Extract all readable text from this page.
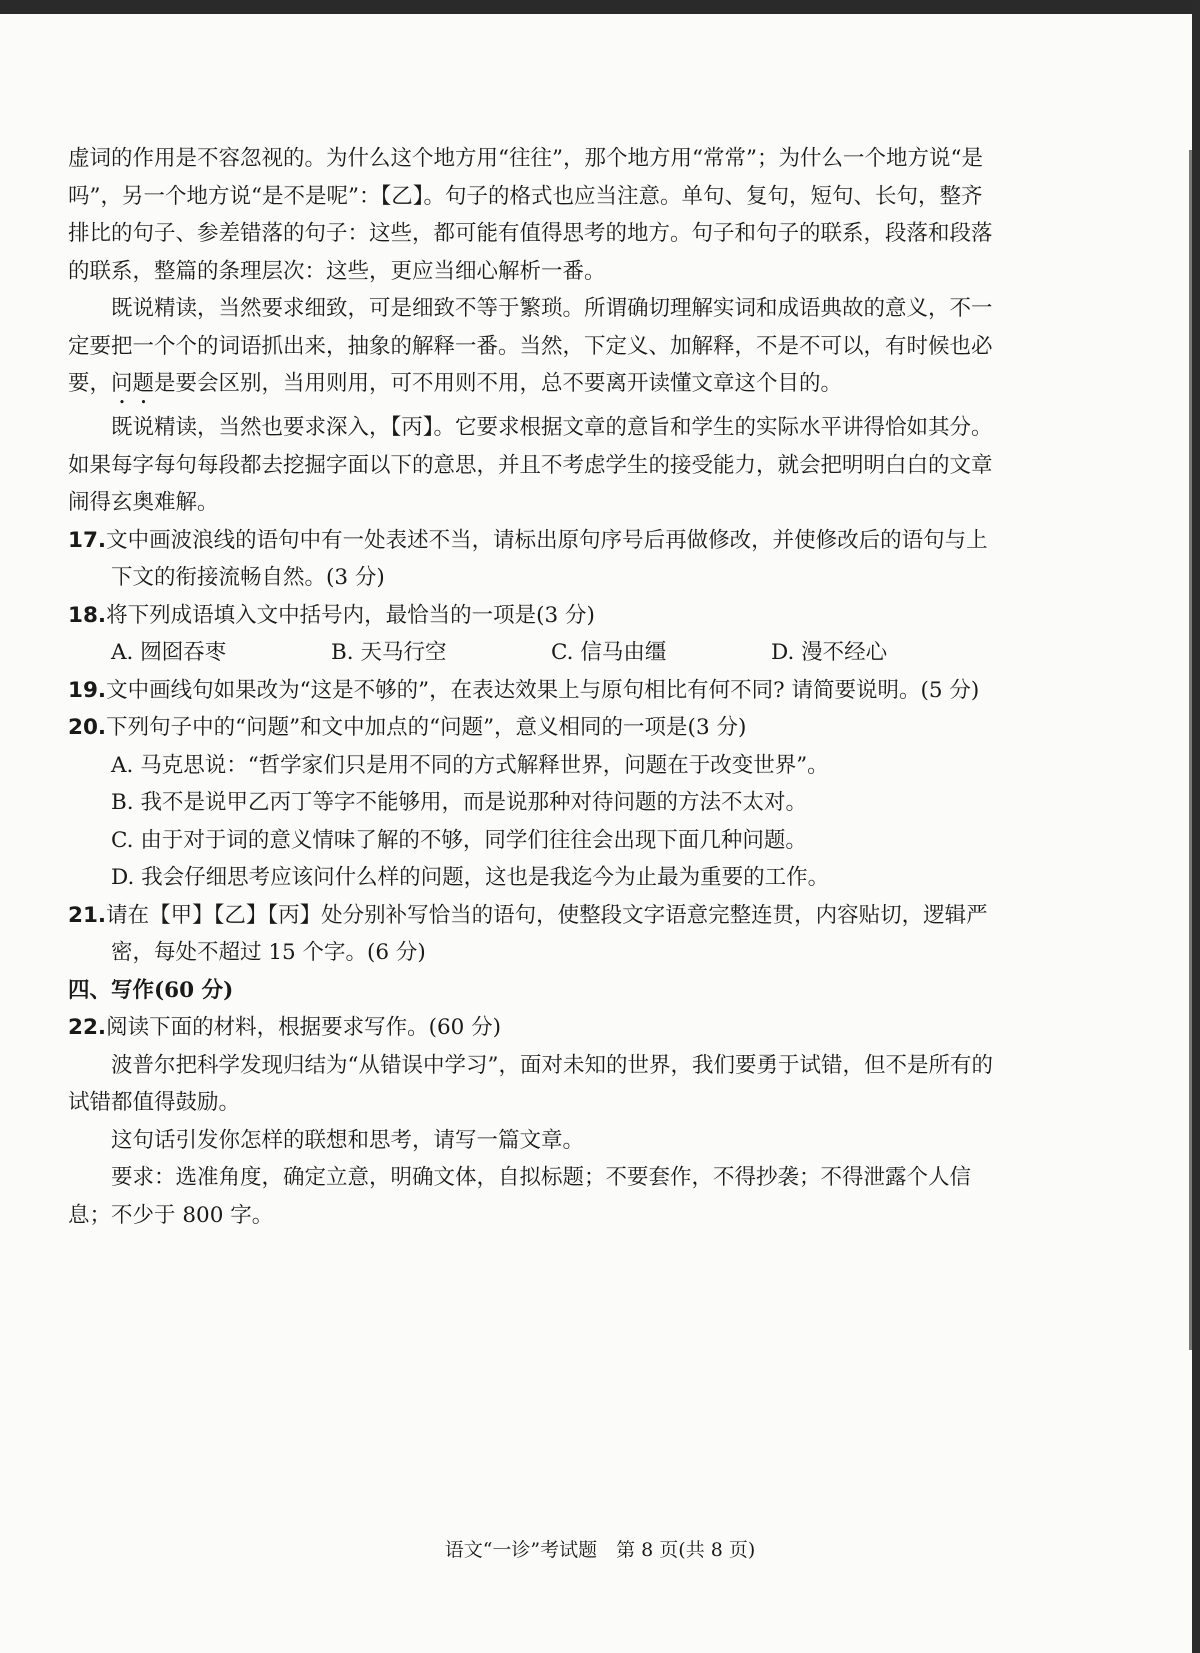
虚词的作用是不容忽视的。为什么这个地方用“往往”，那个地方用“常常”；为什么一个地方说“是吗”，另一个地方说“是不是呢”：【乙】。句子的格式也应当注意。单句、复句，短句、长句，整齐排比的句子、参差错落的句子：这些，都可能有值得思考的地方。句子和句子的联系，段落和段落的联系，整篇的条理层次：这些，更应当细心解析一番。

既说精读，当然要求细致，可是细致不等于繁琐。所谓确切理解实词和成语典故的意义，不一定要把一个个的词语抓出来，抽象的解释一番。当然，下定义、加解释，不是不可以，有时候也必要，问题是要会区别，当用则用，可不用则不用，总不要离开读懂文章这个目的。

既说精读，当然也要求深入，【丙】。它要求根据文章的意旨和学生的实际水平讲得恰如其分。如果每字每句每段都去挖掘字面以下的意思，并且不考虑学生的接受能力，就会把明明白白的文章闹得玄奥难解。

17.文中画波浪线的语句中有一处表述不当，请标出原句序号后再做修改，并使修改后的语句与上下文的衔接流畅自然。(3 分)

18.将下列成语填入文中括号内，最恰当的一项是(3 分)

A. 囫囵吞枣	B. 天马行空	C. 信马由缰	D. 漫不经心

19.文中画线句如果改为“这是不够的”，在表达效果上与原句相比有何不同? 请简要说明。(5 分)

20.下列句子中的“问题”和文中加点的“问题”，意义相同的一项是(3 分)

A. 马克思说：“哲学家们只是用不同的方式解释世界，问题在于改变世界”。

B. 我不是说甲乙丙丁等字不能够用，而是说那种对待问题的方法不太对。

C. 由于对于词的意义情味了解的不够，同学们往往会出现下面几种问题。

D. 我会仔细思考应该问什么样的问题，这也是我迄今为止最为重要的工作。

21.请在【甲】【乙】【丙】处分别补写恰当的语句，使整段文字语意完整连贯，内容贴切，逻辑严密，每处不超过 15 个字。(6 分)

四、写作(60 分)

22.阅读下面的材料，根据要求写作。(60 分)

波普尔把科学发现归结为“从错误中学习”，面对未知的世界，我们要勇于试错，但不是所有的试错都值得鼓励。

这句话引发你怎样的联想和思考，请写一篇文章。

要求：选准角度，确定立意，明确文体，自拟标题；不要套作，不得抄袭；不得泄露个人信息；不少于 800 字。

语文“一诊”考试题　第 8 页(共 8 页)
